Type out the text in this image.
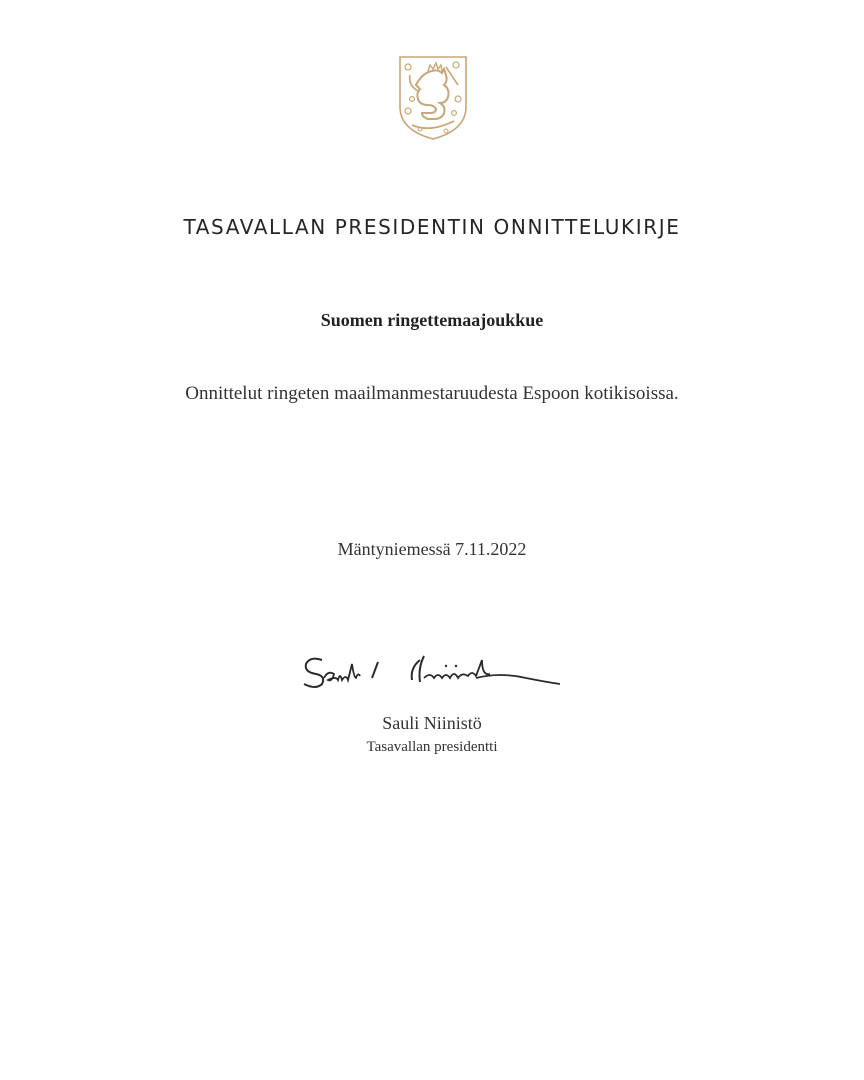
TASAVALLAN PRESIDENTIN ONNITTELUKIRJE
Suomen ringettemaajoukkue
Onnittelut ringeten maailmanmestaruudesta Espoon kotikisoissa.
Mäntyniemessä 7.11.2022
Sauli Niinistö
Tasavallan presidentti
